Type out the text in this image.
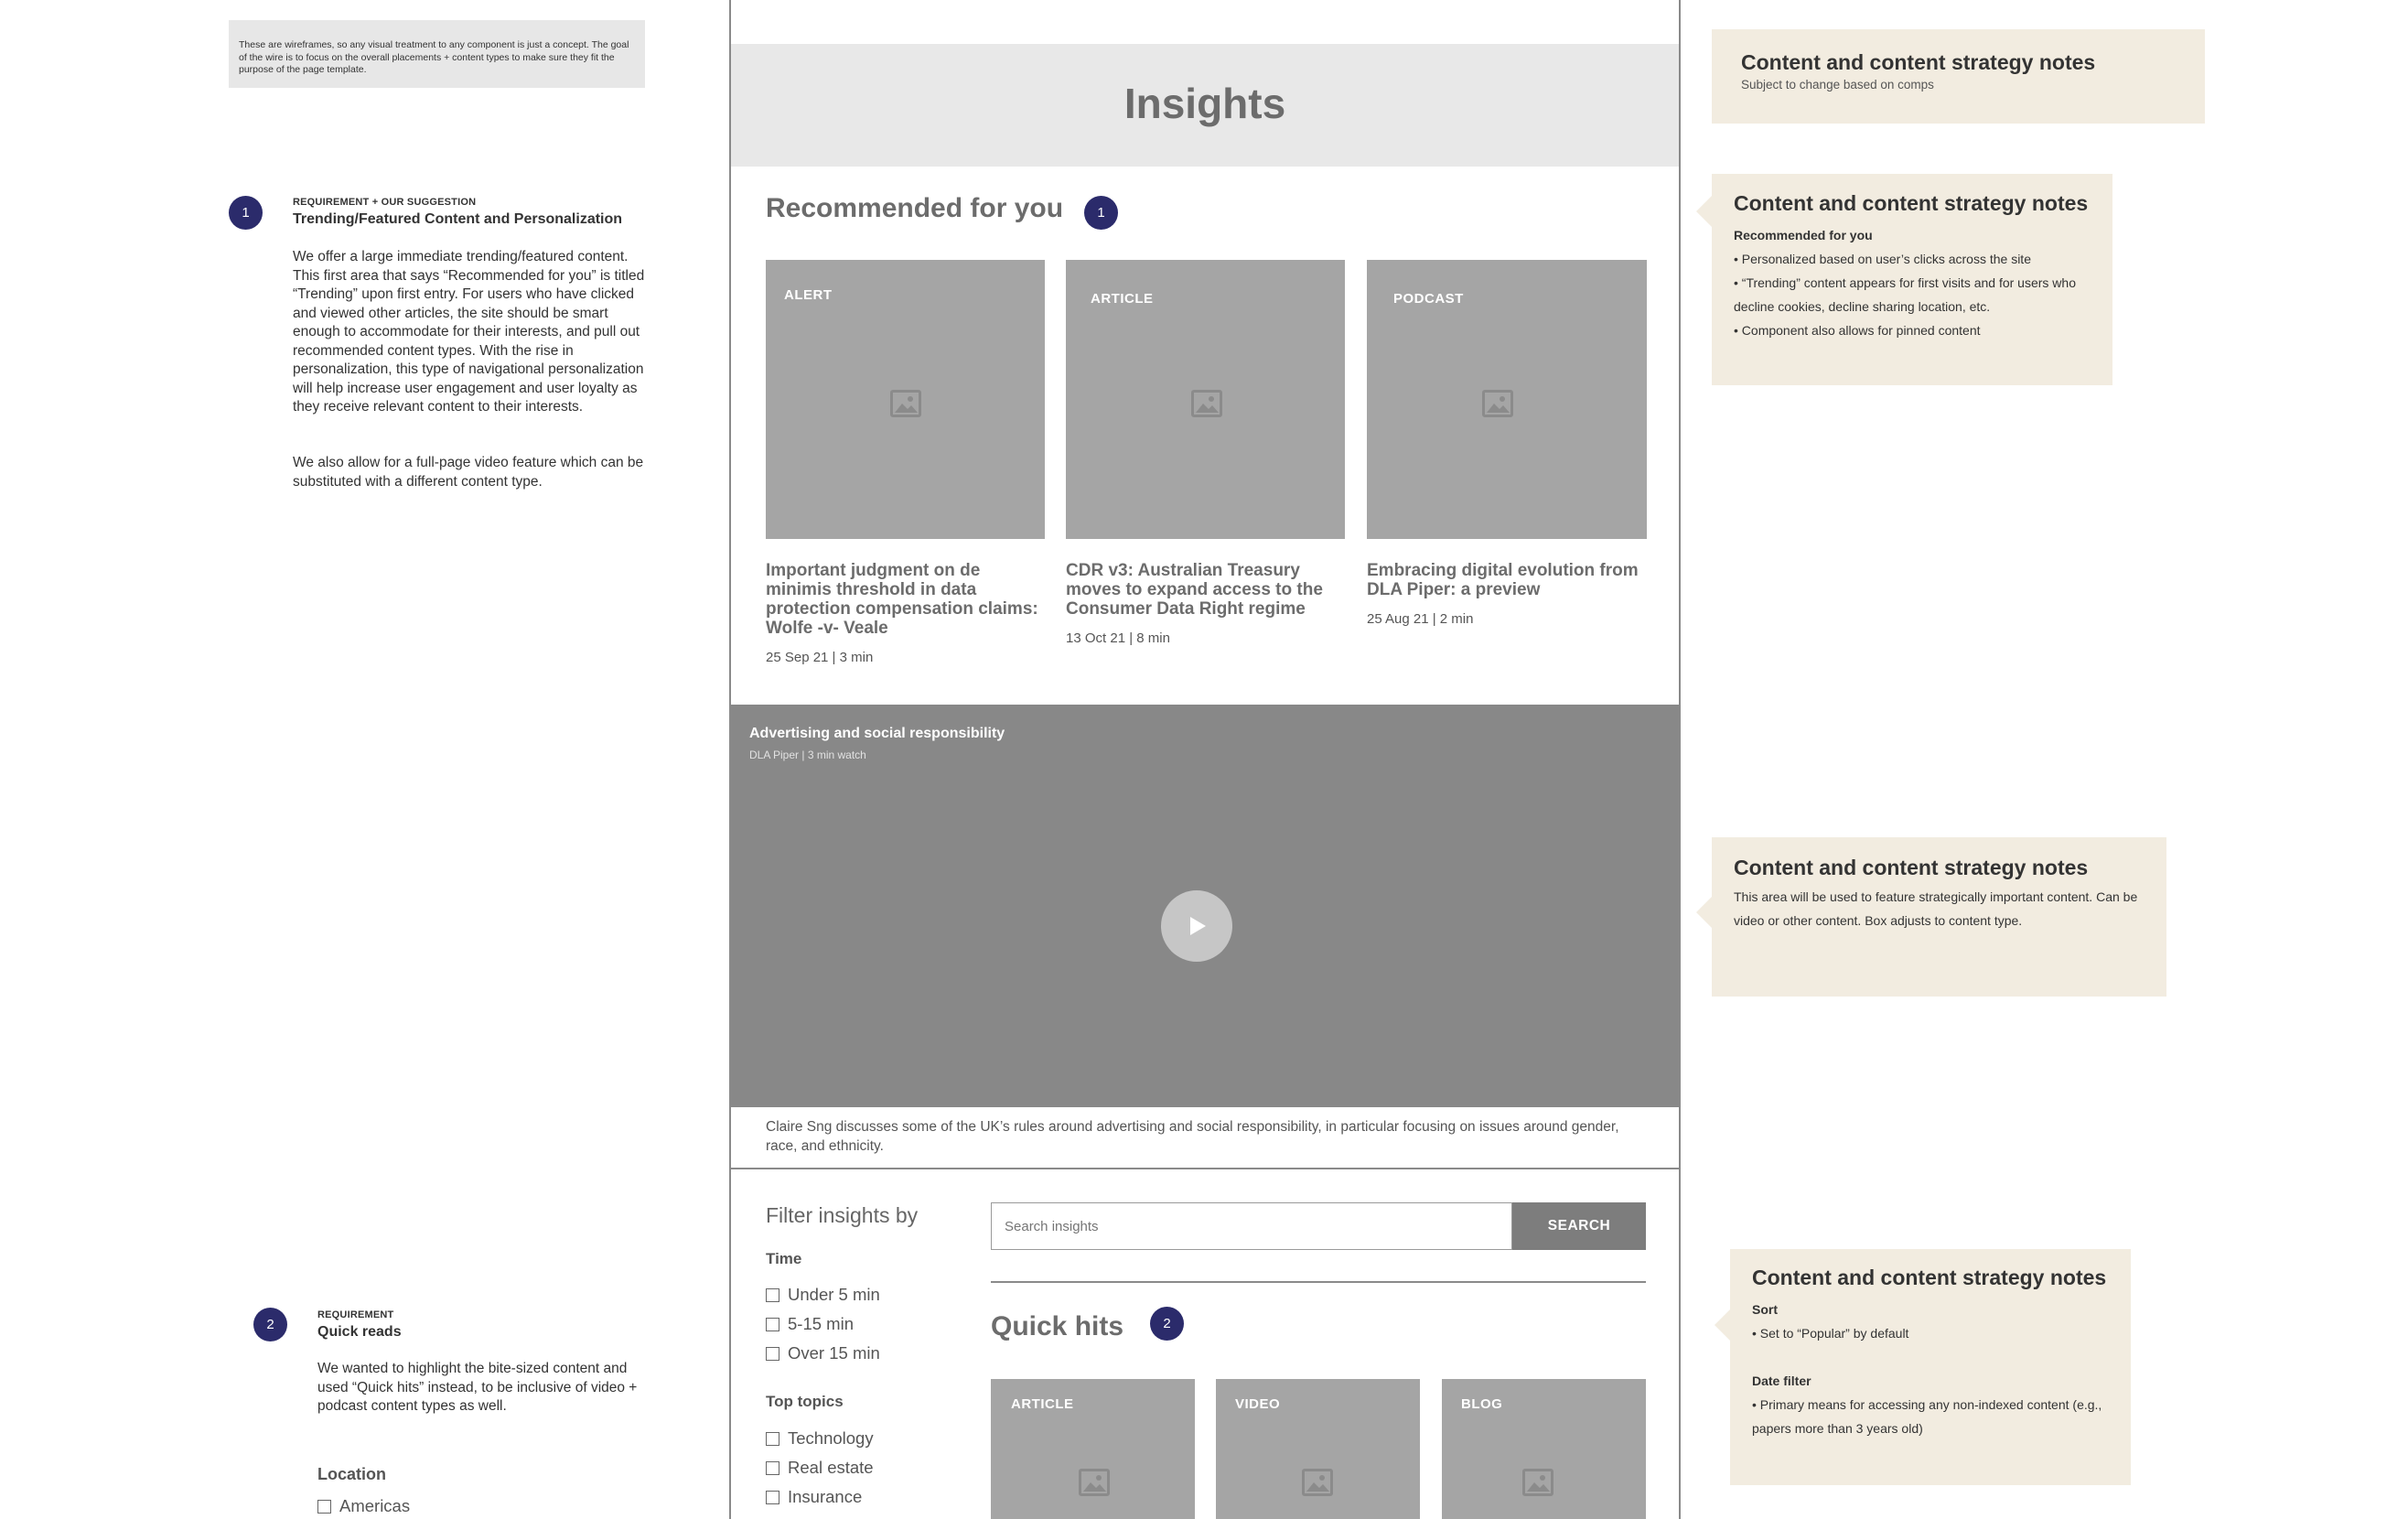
These are wireframes, so any visual treatment to any component is just a concept. The goal of the wire is to focus on the overall placements + content types to make sure they fit the purpose of the page template.
1
REQUIREMENT + OUR SUGGESTION
Trending/Featured Content and Personalization
We offer a large immediate trending/featured content. This first area that says “Recommended for you” is titled “Trending” upon first entry. For users who have clicked and viewed other articles, the site should be smart enough to accommodate for their interests, and pull out recommended content types. With the rise in personalization, this type of navigational personalization will help increase user engagement and user loyalty as they receive relevant content to their interests.
We also allow for a full-page video feature which can be substituted with a different content type.
2
REQUIREMENT
Quick reads
We wanted to highlight the bite-sized content and used “Quick hits” instead, to be inclusive of video + podcast content types as well.
Location
Americas
Insights
Recommended for you	1
ALERT
Important judgment on de minimis threshold in data protection compensation claims: Wolfe -v- Veale
25 Sep 21 | 3 min
ARTICLE
CDR v3: Australian Treasury moves to expand access to the Consumer Data Right regime
13 Oct 21 | 8 min
PODCAST
Embracing digital evolution from DLA Piper: a preview
25 Aug 21 | 2 min
Advertising and social responsibility
DLA Piper | 3 min watch
Claire Sng discusses some of the UK’s rules around advertising and social responsibility, in particular focusing on issues around gender, race, and ethnicity.
Filter insights by
Time
Under 5 min
5-15 min
Over 15 min
Top topics
Technology
Real estate
Insurance
Search insights
SEARCH
Quick hits	2
ARTICLE	VIDEO	BLOG
Content and content strategy notes
Subject to change based on comps
Content and content strategy notes
Recommended for you
• Personalized based on user’s clicks across the site
• “Trending” content appears for first visits and for users who decline cookies, decline sharing location, etc.
• Component also allows for pinned content
Content and content strategy notes
This area will be used to feature strategically important content. Can be video or other content. Box adjusts to content type.
Content and content strategy notes
Sort
• Set to “Popular” by default
Date filter
• Primary means for accessing any non-indexed content (e.g., papers more than 3 years old)
